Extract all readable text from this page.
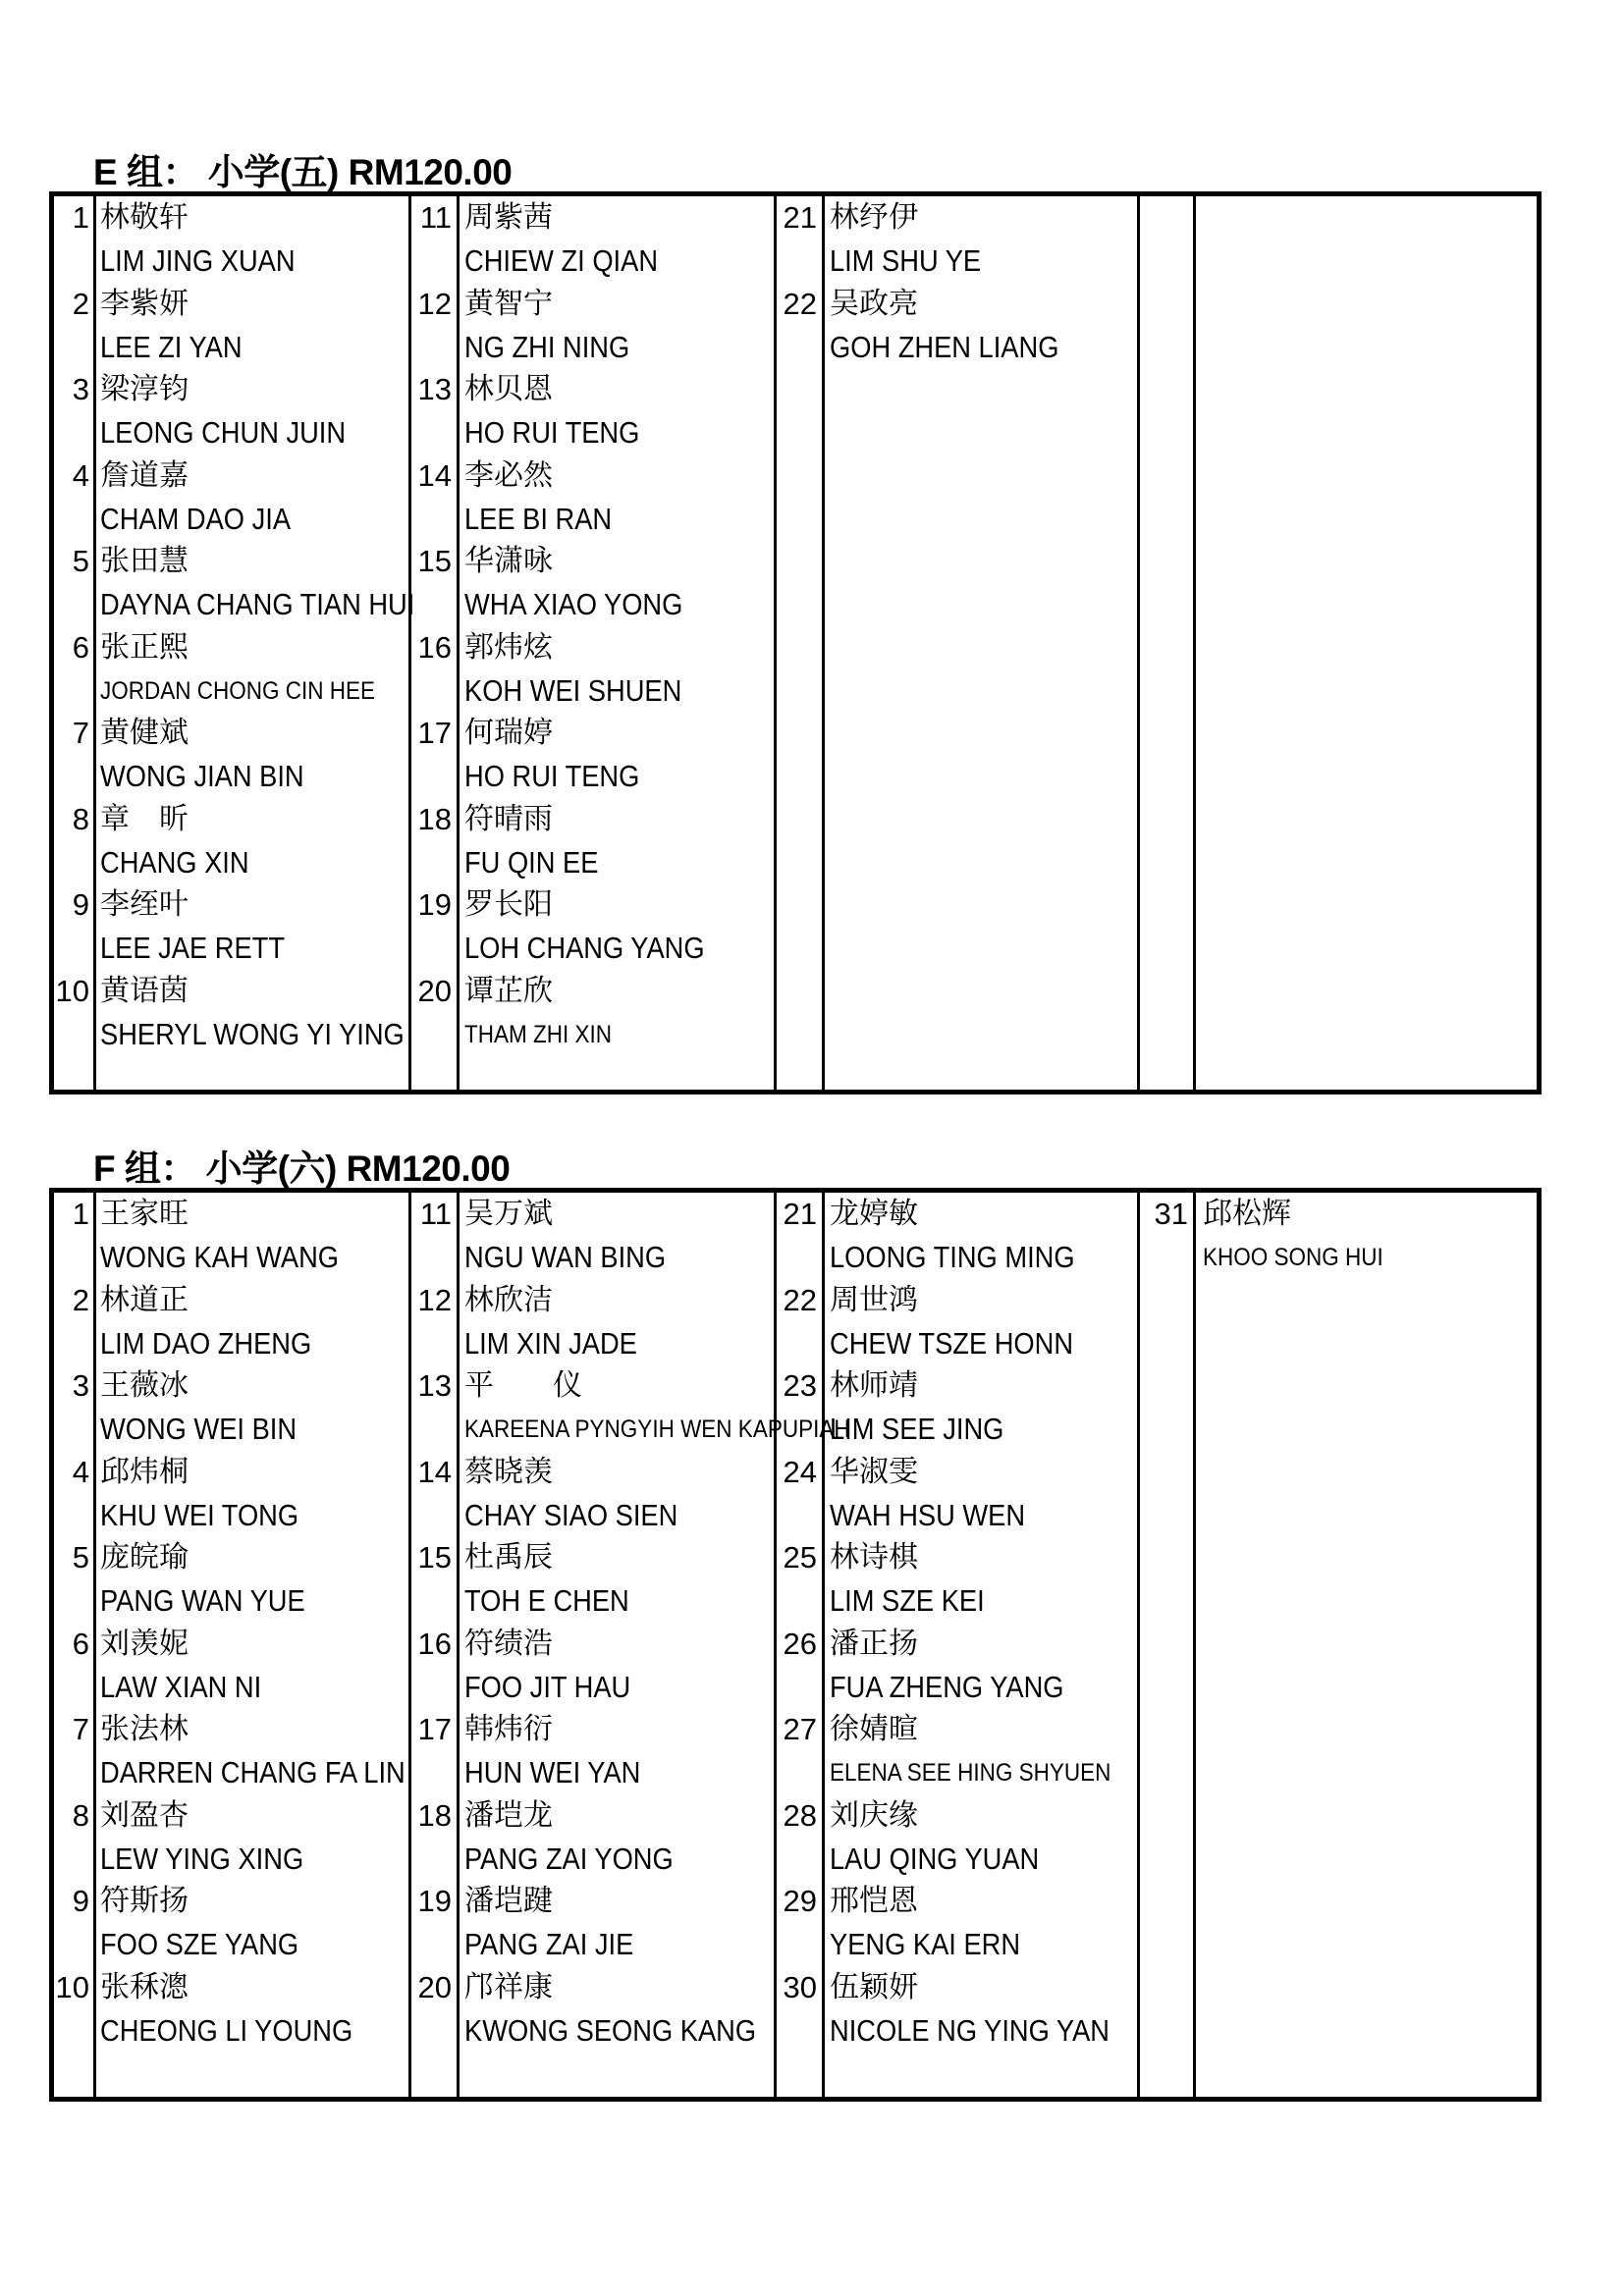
E 组： 小学(五) RM120.00
1 林敬轩
LIM JING XUAN
2 李紫妍
LEE ZI YAN
3 梁淳钧
LEONG CHUN JUIN
4 詹道嘉
CHAM DAO JIA
5 张田慧
DAYNA CHANG TIAN HUI
6 张正熙
JORDAN CHONG CIN HEE
7 黄健斌
WONG JIAN BIN
8 章　昕
CHANG XIN
9 李绖叶
LEE JAE RETT
10 黄语茵
SHERYL WONG YI YING
11 周紫茜
CHIEW ZI QIAN
12 黄智宁
NG ZHI NING
13 林贝恩
HO RUI TENG
14 李必然
LEE BI RAN
15 华潇咏
WHA XIAO YONG
16 郭炜炫
KOH WEI SHUEN
17 何瑞婷
HO RUI TENG
18 符晴雨
FU QIN EE
19 罗长阳
LOH CHANG YANG
20 谭芷欣
THAM ZHI XIN
21 林纾伊
LIM SHU YE
22 吴政亮
GOH ZHEN LIANG
F 组： 小学(六) RM120.00
1 王家旺
WONG KAH WANG
2 林道正
LIM DAO ZHENG
3 王薇冰
WONG WEI BIN
4 邱炜桐
KHU WEI TONG
5 庞皖瑜
PANG WAN YUE
6 刘羡妮
LAW XIAN NI
7 张法林
DARREN CHANG FA LIN
8 刘盈杏
LEW YING XING
9 符斯扬
FOO SZE YANG
10 张秝漗
CHEONG LI YOUNG
11 吴万斌
NGU WAN BING
12 林欣洁
LIM XIN JADE
13 平　　仪
KAREENA PYNGYIH WEN KAPUPIAH
14 蔡晓羡
CHAY SIAO SIEN
15 杜禹辰
TOH E CHEN
16 符绩浩
FOO JIT HAU
17 韩炜衍
HUN WEI YAN
18 潘垲龙
PANG ZAI YONG
19 潘垲踺
PANG ZAI JIE
20 邝祥康
KWONG SEONG KANG
21 龙婷敏
LOONG TING MING
22 周世鸿
CHEW TSZE HONN
23 林师靖
LIM SEE JING
24 华淑雯
WAH HSU WEN
25 林诗棋
LIM SZE KEI
26 潘正扬
FUA ZHENG YANG
27 徐婧暄
ELENA SEE HING SHYUEN
28 刘庆缘
LAU QING YUAN
29 邢恺恩
YENG KAI ERN
30 伍颖妍
NICOLE NG YING YAN
31 邱松辉
KHOO SONG HUI
